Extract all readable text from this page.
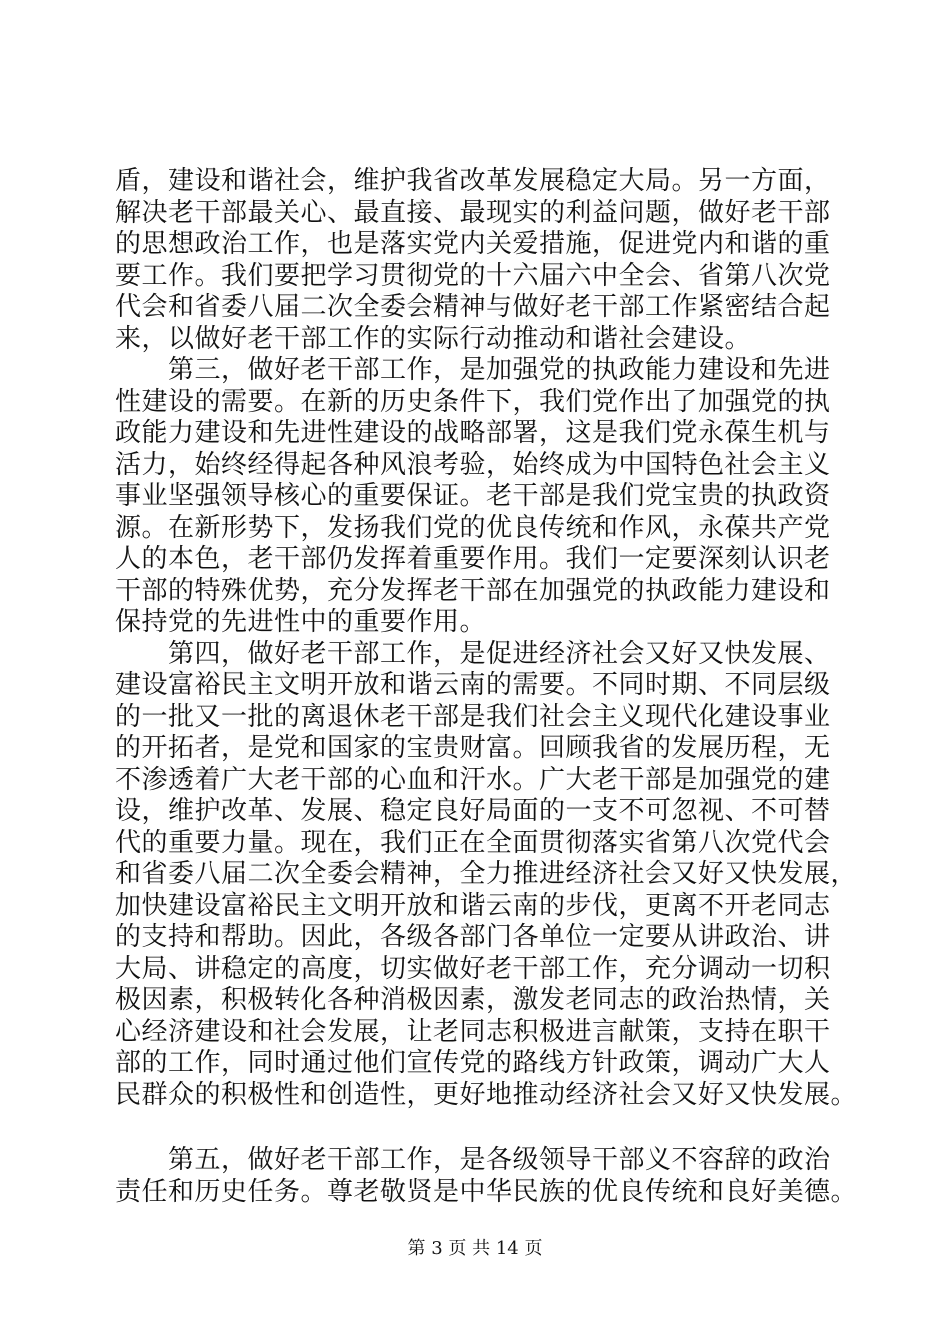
盾，建设和谐社会，维护我省改革发展稳定大局。另一方面，
解决老干部最关心、最直接、最现实的利益问题，做好老干部
的思想政治工作，也是落实党内关爱措施，促进党内和谐的重
要工作。我们要把学习贯彻党的十六届六中全会、省第八次党
代会和省委八届二次全委会精神与做好老干部工作紧密结合起
来，以做好老干部工作的实际行动推动和谐社会建设。
　　第三，做好老干部工作，是加强党的执政能力建设和先进
性建设的需要。在新的历史条件下，我们党作出了加强党的执
政能力建设和先进性建设的战略部署，这是我们党永葆生机与
活力，始终经得起各种风浪考验，始终成为中国特色社会主义
事业坚强领导核心的重要保证。老干部是我们党宝贵的执政资
源。在新形势下，发扬我们党的优良传统和作风，永葆共产党
人的本色，老干部仍发挥着重要作用。我们一定要深刻认识老
干部的特殊优势，充分发挥老干部在加强党的执政能力建设和
保持党的先进性中的重要作用。
　　第四，做好老干部工作，是促进经济社会又好又快发展、
建设富裕民主文明开放和谐云南的需要。不同时期、不同层级
的一批又一批的离退休老干部是我们社会主义现代化建设事业
的开拓者，是党和国家的宝贵财富。回顾我省的发展历程，无
不渗透着广大老干部的心血和汗水。广大老干部是加强党的建
设，维护改革、发展、稳定良好局面的一支不可忽视、不可替
代的重要力量。现在，我们正在全面贯彻落实省第八次党代会
和省委八届二次全委会精神，全力推进经济社会又好又快发展，
加快建设富裕民主文明开放和谐云南的步伐，更离不开老同志
的支持和帮助。因此，各级各部门各单位一定要从讲政治、讲
大局、讲稳定的高度，切实做好老干部工作，充分调动一切积
极因素，积极转化各种消极因素，激发老同志的政治热情，关
心经济建设和社会发展，让老同志积极进言献策，支持在职干
部的工作，同时通过他们宣传党的路线方针政策，调动广大人
民群众的积极性和创造性，更好地推动经济社会又好又快发展。
　　第五，做好老干部工作，是各级领导干部义不容辞的政治
责任和历史任务。尊老敬贤是中华民族的优良传统和良好美德。
第 3 页 共 14 页
